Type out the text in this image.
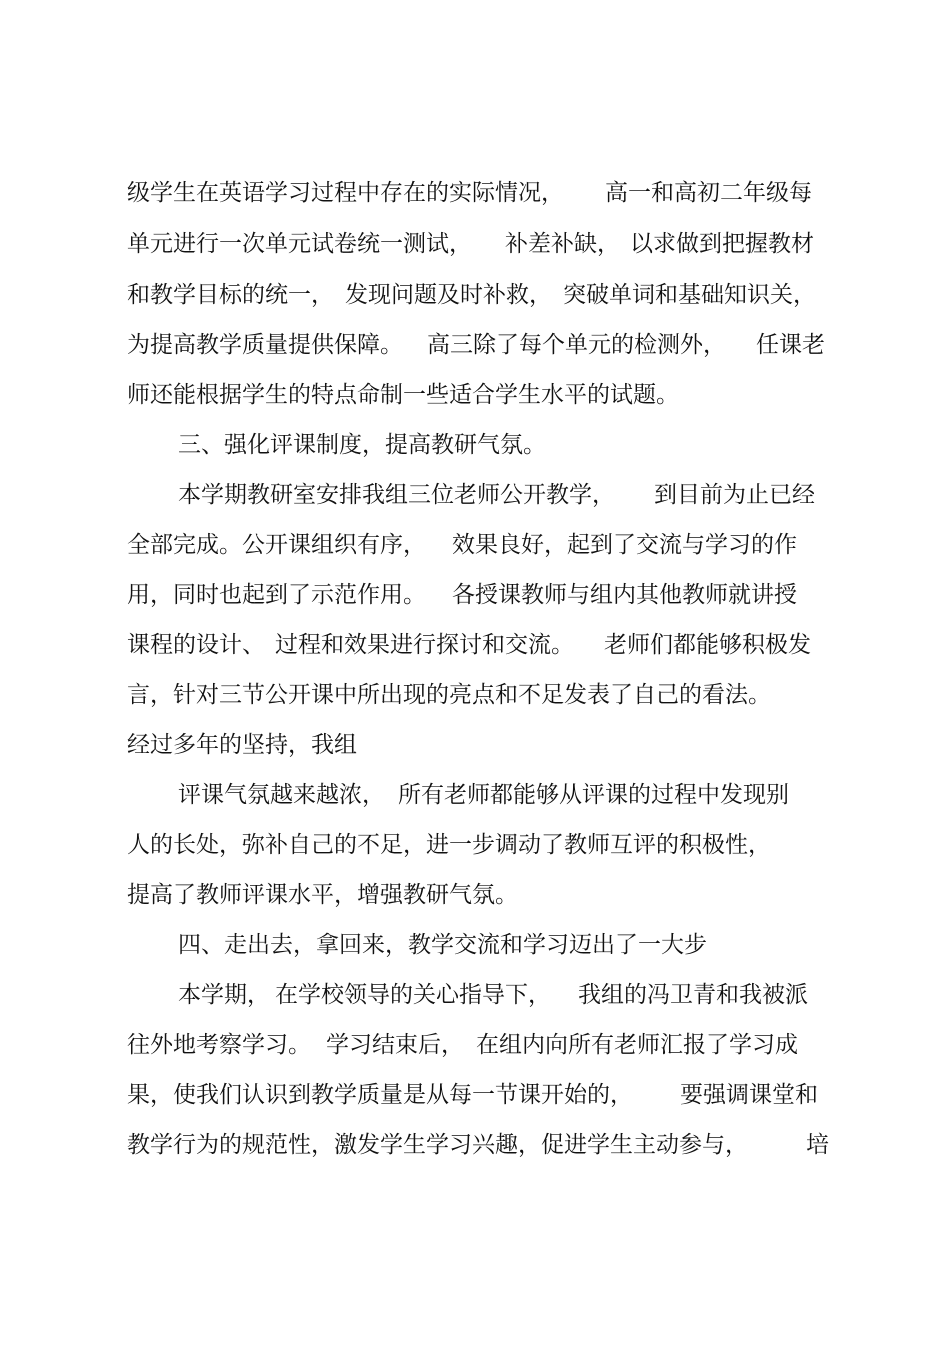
级学生在英语学习过程中存在的实际情况，

高一和高初二年级每

单元进行一次单元试卷统一测试，

补差补缺，

以求做到把握教材

和教学目标的统一，

发现问题及时补救，

突破单词和基础知识关，

为提高教学质量提供保障。

高三除了每个单元的检测外，

任课老

师还能根据学生的特点命制一些适合学生水平的试题。

三、强化评课制度，提高教研气氛。

本学期教研室安排我组三位老师公开教学，

到目前为止已经

全部完成。公开课组织有序，

效果良好，起到了交流与学习的作

用，同时也起到了示范作用。

各授课教师与组内其他教师就讲授

课程的设计、

过程和效果进行探讨和交流。

老师们都能够积极发

言，针对三节公开课中所出现的亮点和不足发表了自己的看法。

经过多年的坚持，我组

评课气氛越来越浓，

所有老师都能够从评课的过程中发现别

人的长处，弥补自己的不足，进一步调动了教师互评的积极性，

提高了教师评课水平，增强教研气氛。

四、走出去，拿回来，教学交流和学习迈出了一大步

本学期，

在学校领导的关心指导下，

我组的冯卫青和我被派

往外地考察学习。

学习结束后，

在组内向所有老师汇报了学习成

果，使我们认识到教学质量是从每一节课开始的，

要强调课堂和

教学行为的规范性，激发学生学习兴趣，促进学生主动参与，

	培
